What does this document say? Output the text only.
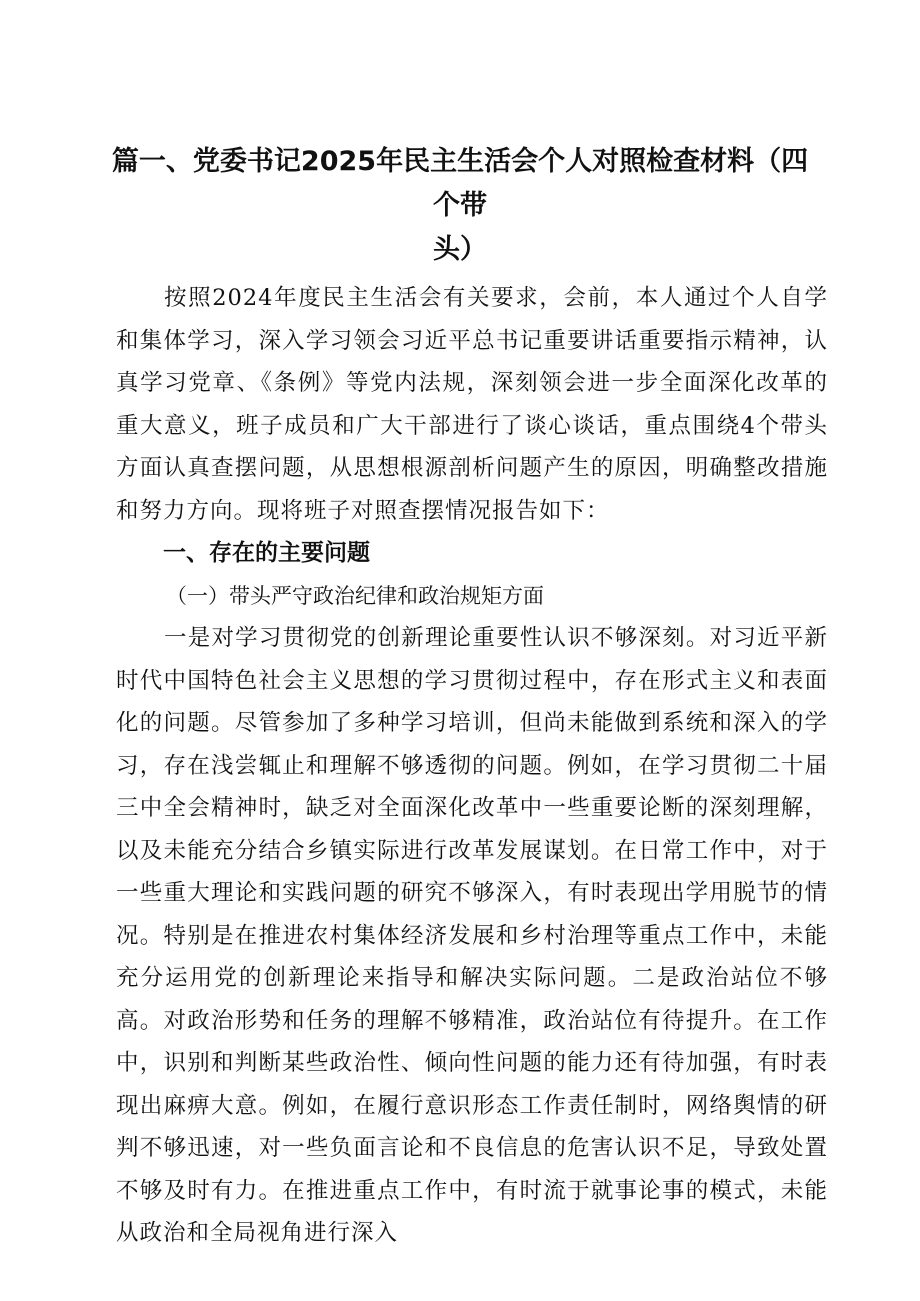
篇一、党委书记2025年民主生活会个人对照检查材料（四个带
头）
按照2024年度民主生活会有关要求，会前，本人通过个人自学和集体学习，深入学习领会习近平总书记重要讲话重要指示精神，认真学习党章、《条例》等党内法规，深刻领会进一步全面深化改革的重大意义，班子成员和广大干部进行了谈心谈话，重点围绕4个带头方面认真查摆问题，从思想根源剖析问题产生的原因，明确整改措施和努力方向。现将班子对照查摆情况报告如下：
一、存在的主要问题
（一）带头严守政治纪律和政治规矩方面
一是对学习贯彻党的创新理论重要性认识不够深刻。对习近平新时代中国特色社会主义思想的学习贯彻过程中，存在形式主义和表面化的问题。尽管参加了多种学习培训，但尚未能做到系统和深入的学习，存在浅尝辄止和理解不够透彻的问题。例如，在学习贯彻二十届三中全会精神时，缺乏对全面深化改革中一些重要论断的深刻理解，以及未能充分结合乡镇实际进行改革发展谋划。在日常工作中，对于一些重大理论和实践问题的研究不够深入，有时表现出学用脱节的情况。特别是在推进农村集体经济发展和乡村治理等重点工作中，未能充分运用党的创新理论来指导和解决实际问题。二是政治站位不够高。对政治形势和任务的理解不够精准，政治站位有待提升。在工作中，识别和判断某些政治性、倾向性问题的能力还有待加强，有时表现出麻痹大意。例如，在履行意识形态工作责任制时，网络舆情的研判不够迅速，对一些负面言论和不良信息的危害认识不足，导致处置不够及时有力。在推进重点工作中，有时流于就事论事的模式，未能从政治和全局视角进行深入
